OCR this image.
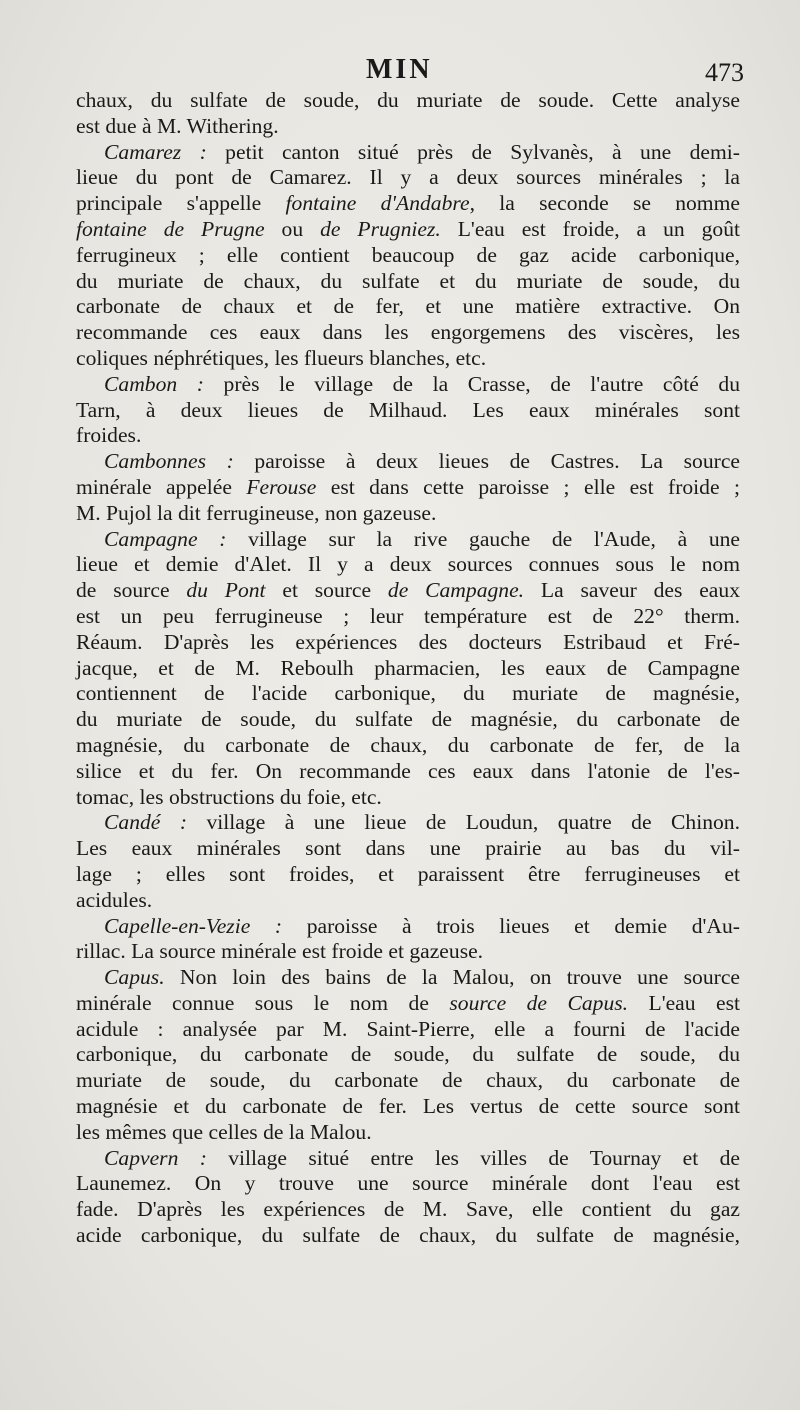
MIN	473
chaux, du sulfate de soude, du muriate de soude. Cette analyse
est due à M. Withering.
Camarez : petit canton situé près de Sylvanès, à une demi-
lieue du pont de Camarez. Il y a deux sources minérales ; la
principale s'appelle fontaine d'Andabre, la seconde se nomme
fontaine de Prugne ou de Prugniez. L'eau est froide, a un goût
ferrugineux ; elle contient beaucoup de gaz acide carbonique,
du muriate de chaux, du sulfate et du muriate de soude, du
carbonate de chaux et de fer, et une matière extractive. On
recommande ces eaux dans les engorgemens des viscères, les
coliques néphrétiques, les flueurs blanches, etc.
Cambon : près le village de la Crasse, de l'autre côté du
Tarn, à deux lieues de Milhaud. Les eaux minérales sont
froides.
Cambonnes : paroisse à deux lieues de Castres. La source
minérale appelée Ferouse est dans cette paroisse ; elle est froide ;
M. Pujol la dit ferrugineuse, non gazeuse.
Campagne : village sur la rive gauche de l'Aude, à une
lieue et demie d'Alet. Il y a deux sources connues sous le nom
de source du Pont et source de Campagne. La saveur des eaux
est un peu ferrugineuse ; leur température est de 22° therm.
Réaum. D'après les expériences des docteurs Estribaud et Fré-
jacque, et de M. Reboulh pharmacien, les eaux de Campagne
contiennent de l'acide carbonique, du muriate de magnésie,
du muriate de soude, du sulfate de magnésie, du carbonate de
magnésie, du carbonate de chaux, du carbonate de fer, de la
silice et du fer. On recommande ces eaux dans l'atonie de l'es-
tomac, les obstructions du foie, etc.
Candé : village à une lieue de Loudun, quatre de Chinon.
Les eaux minérales sont dans une prairie au bas du vil-
lage ; elles sont froides, et paraissent être ferrugineuses et
acidules.
Capelle-en-Vezie : paroisse à trois lieues et demie d'Au-
rillac. La source minérale est froide et gazeuse.
Capus. Non loin des bains de la Malou, on trouve une source
minérale connue sous le nom de source de Capus. L'eau est
acidule : analysée par M. Saint-Pierre, elle a fourni de l'acide
carbonique, du carbonate de soude, du sulfate de soude, du
muriate de soude, du carbonate de chaux, du carbonate de
magnésie et du carbonate de fer. Les vertus de cette source sont
les mêmes que celles de la Malou.
Capvern : village situé entre les villes de Tournay et de
Launemez. On y trouve une source minérale dont l'eau est
fade. D'après les expériences de M. Save, elle contient du gaz
acide carbonique, du sulfate de chaux, du sulfate de magnésie,
